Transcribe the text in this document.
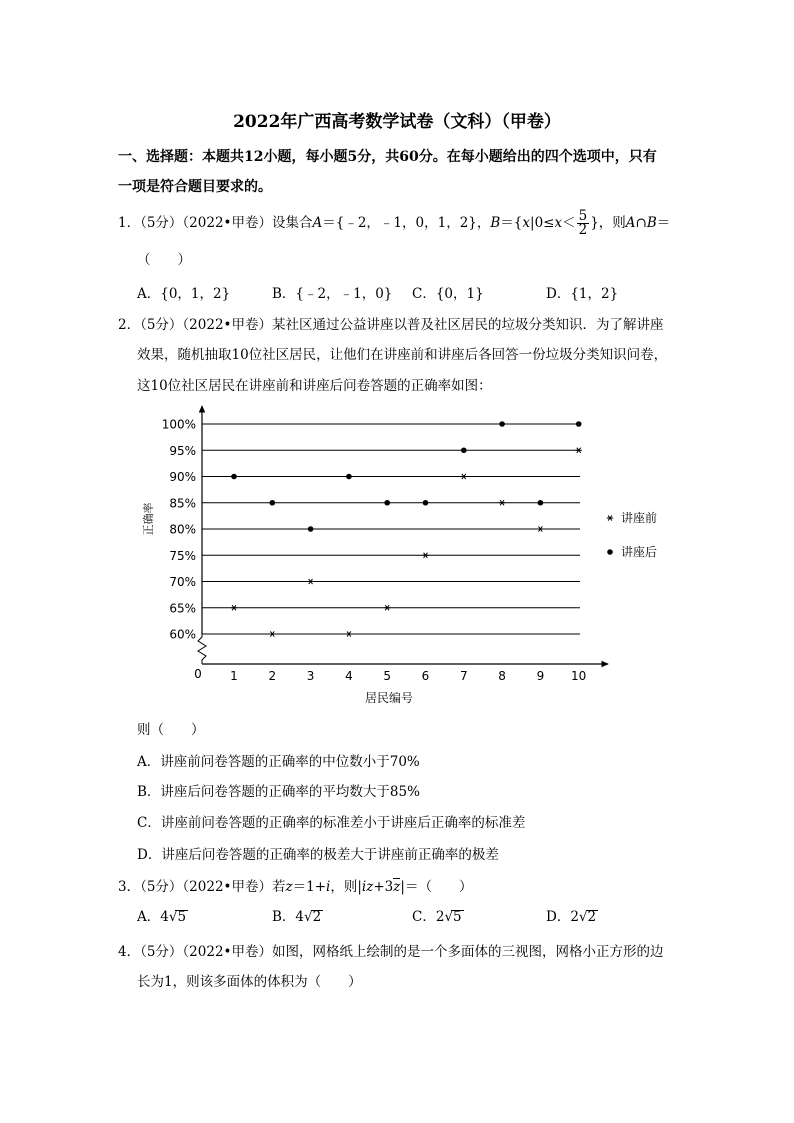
2022年广西高考数学试卷（文科）（甲卷）
一、选择题：本题共12小题，每小题5分，共60分。在每小题给出的四个选项中，只有
一项是符合题目要求的。
1．（5分）（2022•甲卷）设集合A＝{﹣2，﹣1，0，1，2}，$B=\{x|0\le x< \frac{5}{2}$ }，则A∩B＝
（　　）
A．{0，1，2}	B．{﹣2，﹣1，0} C．{0，1}	D．{1，2}
2．（5分）（2022•甲卷）某社区通过公益讲座以普及社区居民的垃圾分类知识．为了解讲座
效果，随机抽取10位社区居民，让他们在讲座前和讲座后各回答一份垃圾分类知识问卷，
这10位社区居民在讲座前和讲座后问卷答题的正确率如图：
60%
65%
70%
75%
80%
85%
90%
95%
100%
0 1	2	3	4	5	6	7	8	9 10
居民编号
正确率	讲座前
讲座后
则（　　）
A．讲座前问卷答题的正确率的中位数小于70%
B．讲座后问卷答题的正确率的平均数大于85%
C．讲座前问卷答题的正确率的标准差小于讲座后正确率的标准差
D．讲座后问卷答题的正确率的极差大于讲座前正确率的极差
3．（5分）（2022•甲卷）若z＝1+i，则|iz+3z|＝（　　）
A．4√5	B．4√2	C．2√5	D．2√2
4．（5分）（2022•甲卷）如图，网格纸上绘制的是一个多面体的三视图，网格小正方形的边
长为1，则该多面体的体积为（　　）
